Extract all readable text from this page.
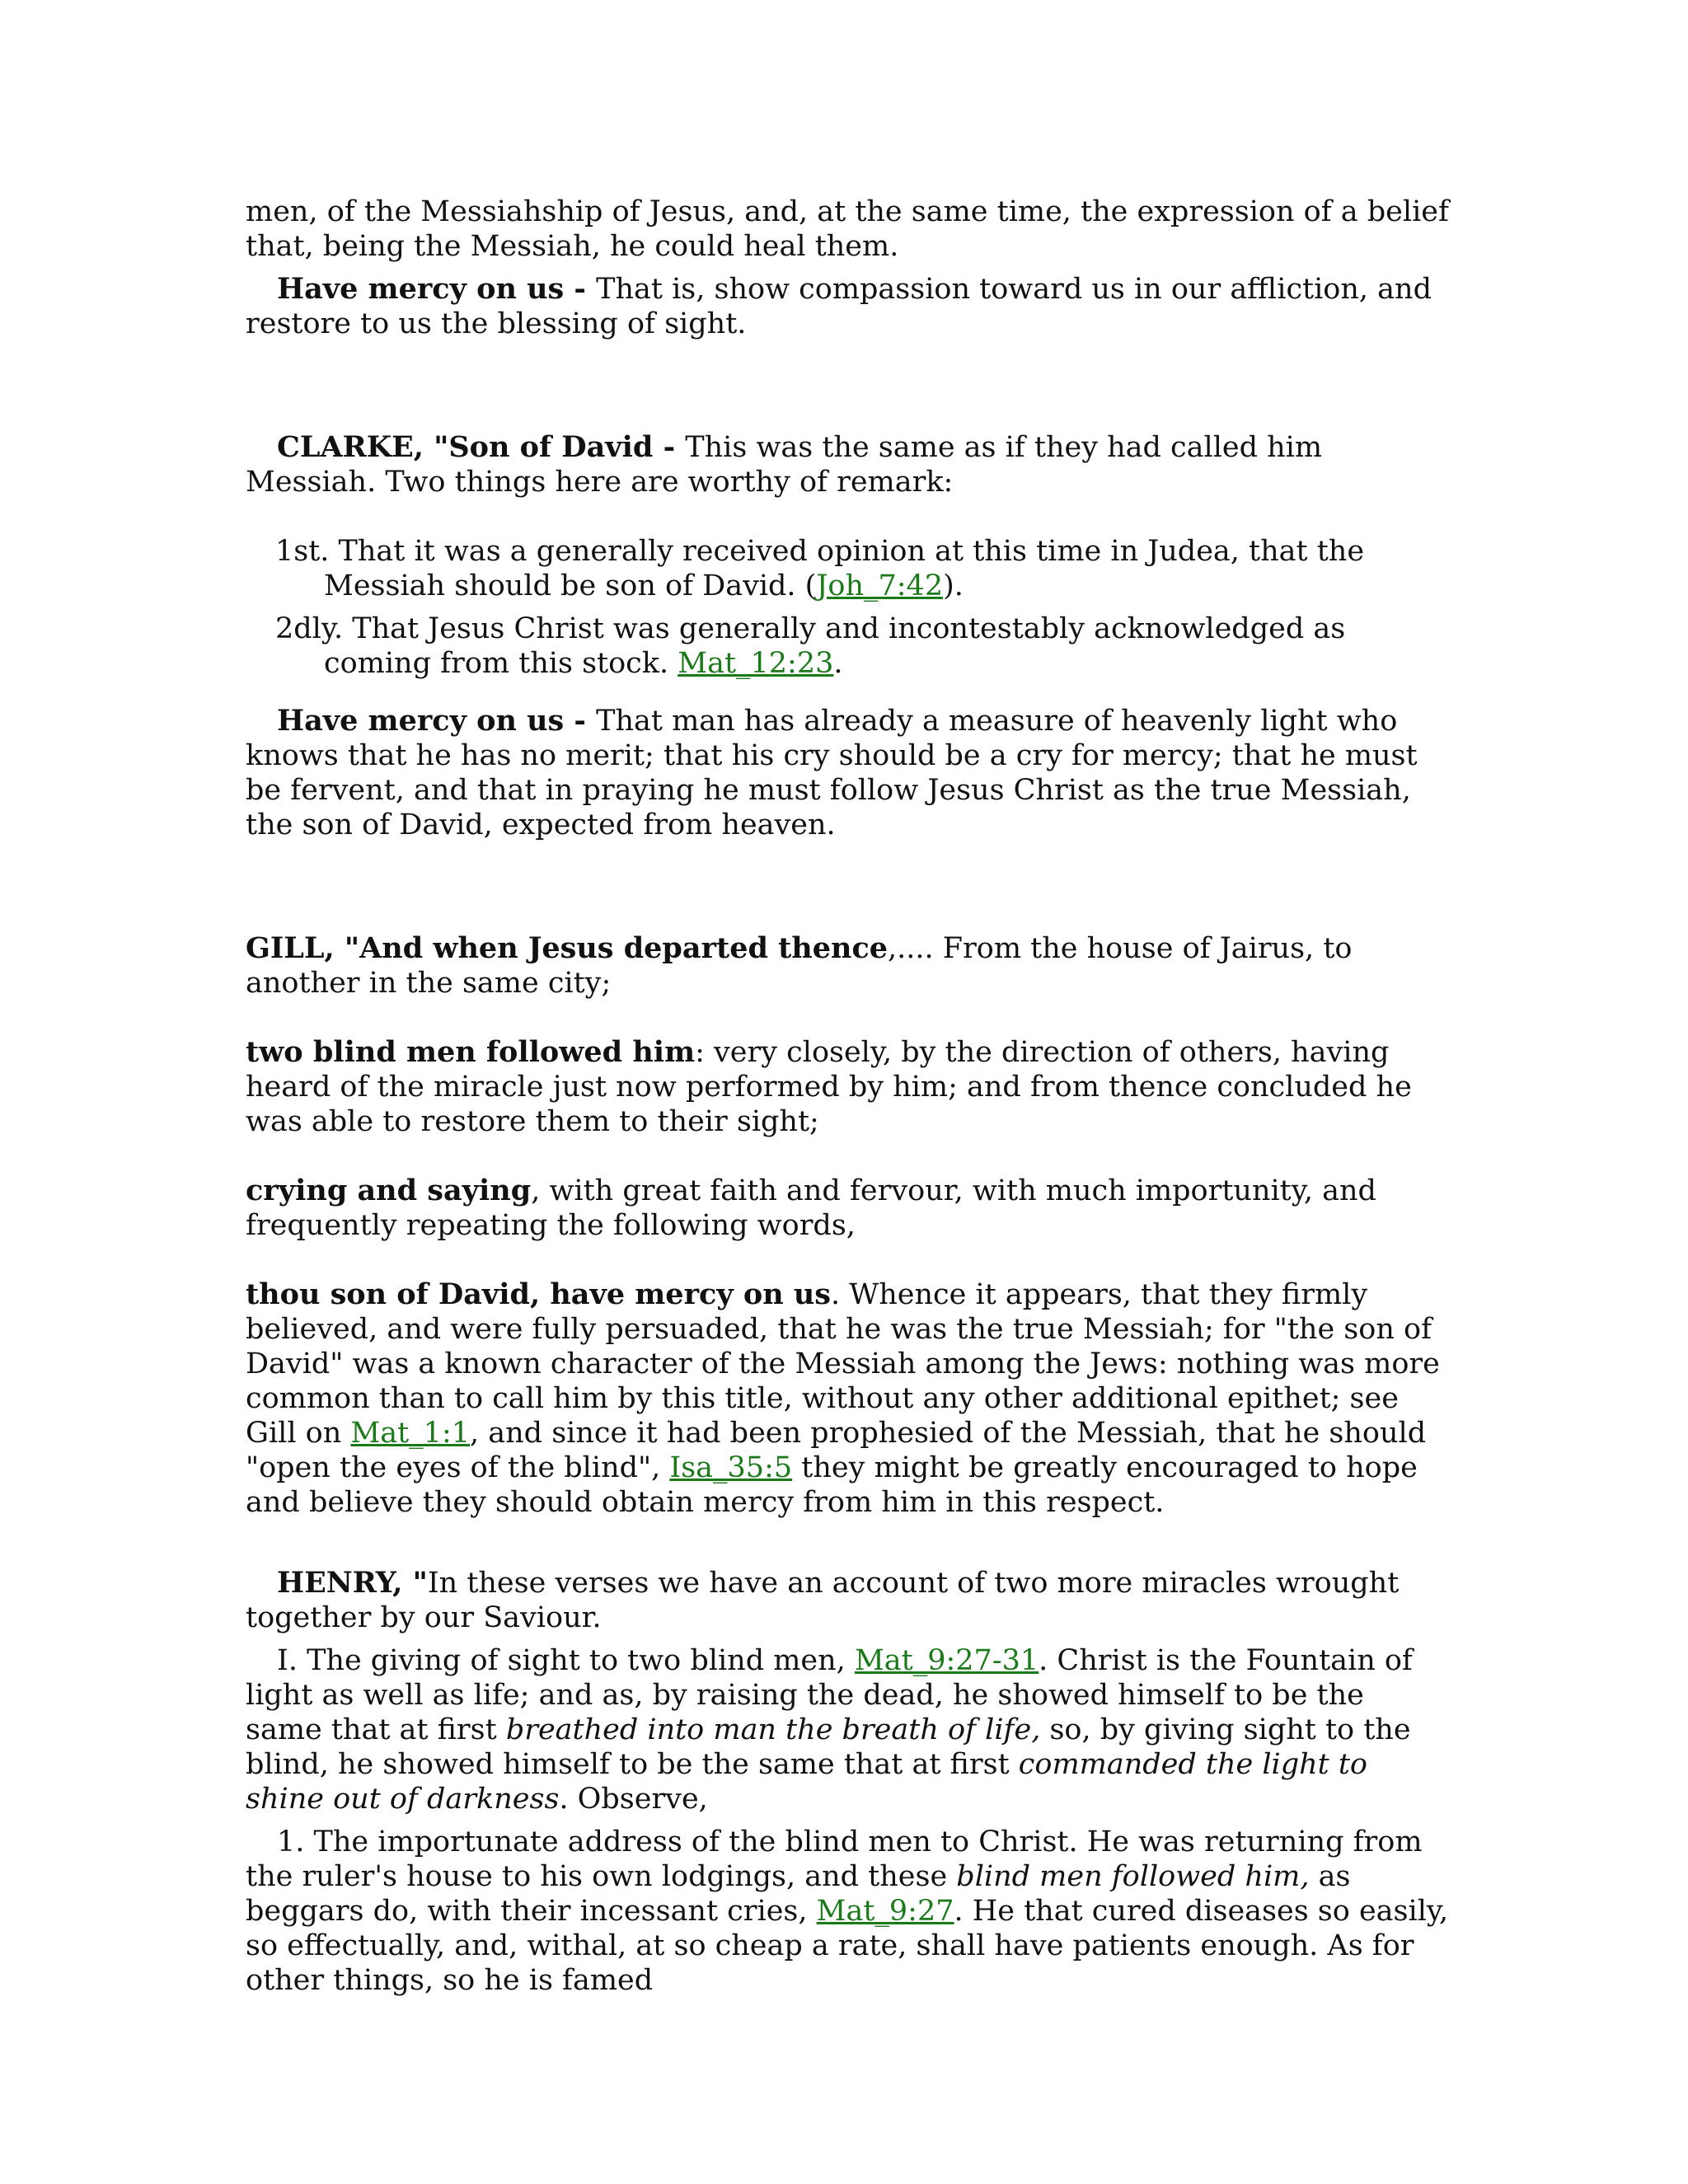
men, of the Messiahship of Jesus, and, at the same time, the expression of a belief that, being the Messiah, he could heal them.

Have mercy on us - That is, show compassion toward us in our affliction, and restore to us the blessing of sight.

CLARKE, "Son of David - This was the same as if they had called him Messiah. Two things here are worthy of remark:

1st. That it was a generally received opinion at this time in Judea, that the Messiah should be son of David. (Joh_7:42).
2dly. That Jesus Christ was generally and incontestably acknowledged as coming from this stock. Mat_12:23.

Have mercy on us - That man has already a measure of heavenly light who knows that he has no merit; that his cry should be a cry for mercy; that he must be fervent, and that in praying he must follow Jesus Christ as the true Messiah, the son of David, expected from heaven.

GILL, "And when Jesus departed thence,.... From the house of Jairus, to another in the same city;

two blind men followed him: very closely, by the direction of others, having heard of the miracle just now performed by him; and from thence concluded he was able to restore them to their sight;

crying and saying, with great faith and fervour, with much importunity, and frequently repeating the following words,

thou son of David, have mercy on us. Whence it appears, that they firmly believed, and were fully persuaded, that he was the true Messiah; for "the son of David" was a known character of the Messiah among the Jews: nothing was more common than to call him by this title, without any other additional epithet; see Gill on Mat_1:1, and since it had been prophesied of the Messiah, that he should "open the eyes of the blind", Isa_35:5 they might be greatly encouraged to hope and believe they should obtain mercy from him in this respect.

HENRY, "In these verses we have an account of two more miracles wrought together by our Saviour.

I. The giving of sight to two blind men, Mat_9:27-31. Christ is the Fountain of light as well as life; and as, by raising the dead, he showed himself to be the same that at first breathed into man the breath of life, so, by giving sight to the blind, he showed himself to be the same that at first commanded the light to shine out of darkness. Observe,

1. The importunate address of the blind men to Christ. He was returning from the ruler's house to his own lodgings, and these blind men followed him, as beggars do, with their incessant cries, Mat_9:27. He that cured diseases so easily, so effectually, and, withal, at so cheap a rate, shall have patients enough. As for other things, so he is famed
